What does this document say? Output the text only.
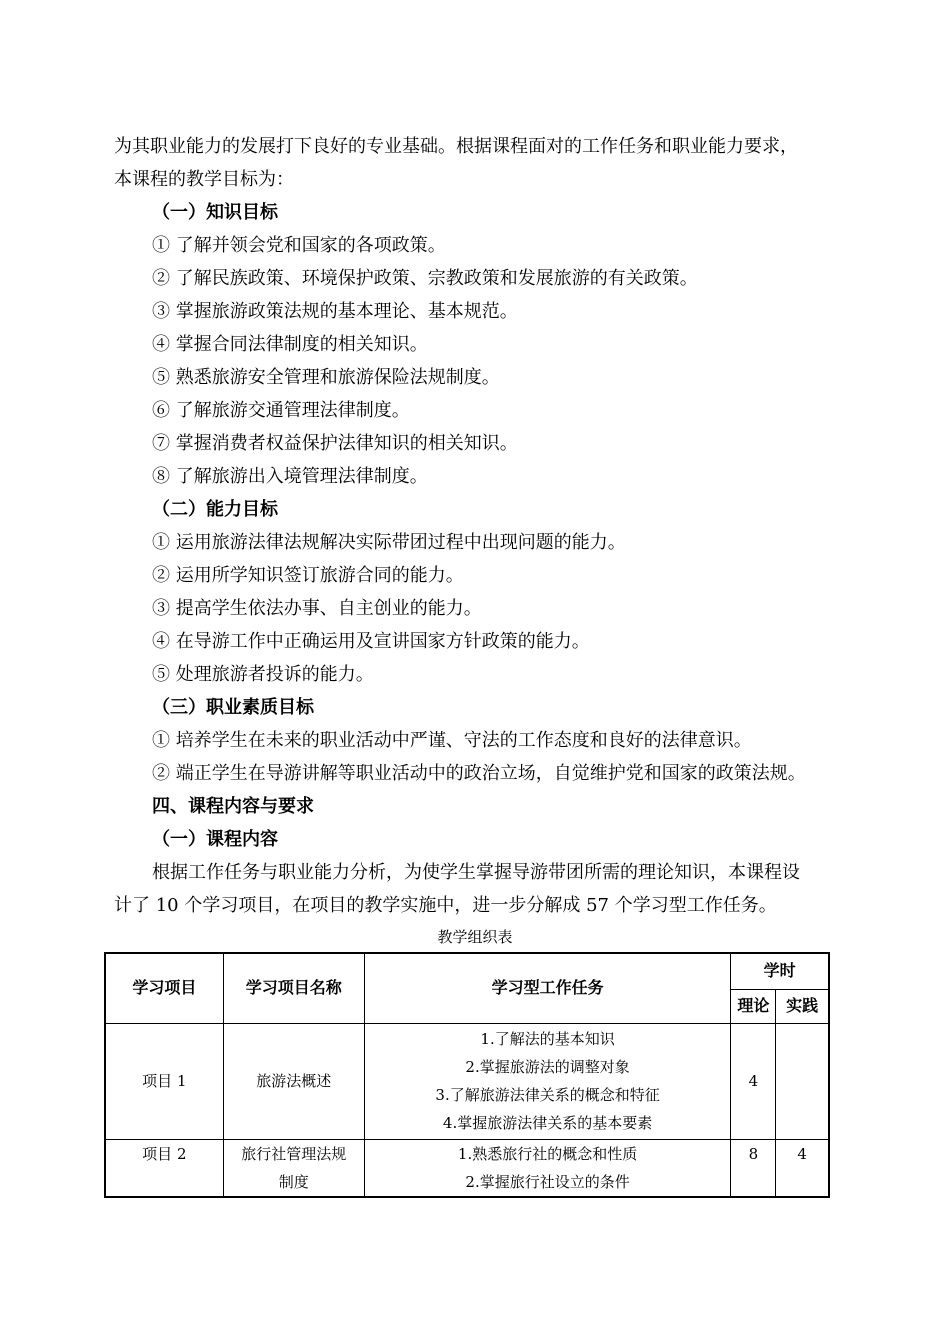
为其职业能力的发展打下良好的专业基础。根据课程面对的工作任务和职业能力要求，
本课程的教学目标为：
（一）知识目标
① 了解并领会党和国家的各项政策。
② 了解民族政策、环境保护政策、宗教政策和发展旅游的有关政策。
③ 掌握旅游政策法规的基本理论、基本规范。
④ 掌握合同法律制度的相关知识。
⑤ 熟悉旅游安全管理和旅游保险法规制度。
⑥ 了解旅游交通管理法律制度。
⑦ 掌握消费者权益保护法律知识的相关知识。
⑧ 了解旅游出入境管理法律制度。
（二）能力目标
① 运用旅游法律法规解决实际带团过程中出现问题的能力。
② 运用所学知识签订旅游合同的能力。
③ 提高学生依法办事、自主创业的能力。
④ 在导游工作中正确运用及宣讲国家方针政策的能力。
⑤ 处理旅游者投诉的能力。
（三）职业素质目标
① 培养学生在未来的职业活动中严谨、守法的工作态度和良好的法律意识。
② 端正学生在导游讲解等职业活动中的政治立场，自觉维护党和国家的政策法规。
四、课程内容与要求
（一）课程内容
根据工作任务与职业能力分析，为使学生掌握导游带团所需的理论知识，本课程设
计了 10 个学习项目，在项目的教学实施中，进一步分解成 57 个学习型工作任务。
教学组织表
学习项目	学习项目名称	学习型工作任务	学时	
			理论	实践
项目 1	旅游法概述	1.了解法的基本知识
2.掌握旅游法的调整对象
3.了解旅游法律关系的概念和特征
4.掌握旅游法律关系的基本要素	4	
项目 2	旅行社管理法规
制度	1.熟悉旅行社的概念和性质
2.掌握旅行社设立的条件	8	4
